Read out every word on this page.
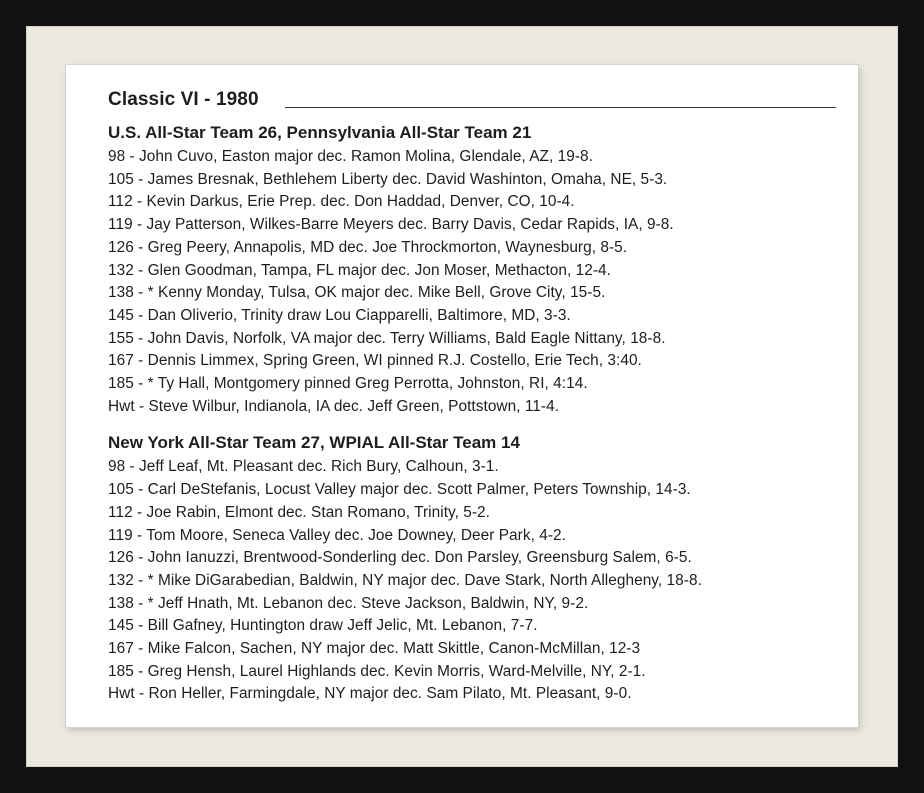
Classic VI - 1980
U.S. All-Star Team 26, Pennsylvania All-Star Team 21
98 - John Cuvo, Easton major dec. Ramon Molina, Glendale, AZ, 19-8.
105 - James Bresnak, Bethlehem Liberty dec. David Washinton, Omaha, NE, 5-3.
112 - Kevin Darkus, Erie Prep. dec. Don Haddad, Denver, CO, 10-4.
119 - Jay Patterson, Wilkes-Barre Meyers dec. Barry Davis, Cedar Rapids, IA, 9-8.
126 - Greg Peery, Annapolis, MD dec. Joe Throckmorton, Waynesburg, 8-5.
132 - Glen Goodman, Tampa, FL major dec. Jon Moser, Methacton, 12-4.
138 - * Kenny Monday, Tulsa, OK major dec. Mike Bell, Grove City, 15-5.
145 - Dan Oliverio, Trinity draw Lou Ciapparelli, Baltimore, MD, 3-3.
155 - John Davis, Norfolk, VA major dec. Terry Williams, Bald Eagle Nittany, 18-8.
167 - Dennis Limmex, Spring Green, WI pinned R.J. Costello, Erie Tech, 3:40.
185 - * Ty Hall, Montgomery pinned Greg Perrotta, Johnston, RI, 4:14.
Hwt - Steve Wilbur, Indianola, IA dec. Jeff Green, Pottstown, 11-4.
New York All-Star Team 27, WPIAL All-Star Team 14
98 - Jeff Leaf, Mt. Pleasant dec. Rich Bury, Calhoun, 3-1.
105 - Carl DeStefanis, Locust Valley major dec. Scott Palmer, Peters Township, 14-3.
112 - Joe Rabin, Elmont dec. Stan Romano, Trinity, 5-2.
119 - Tom Moore, Seneca Valley dec. Joe Downey, Deer Park, 4-2.
126 - John Ianuzzi, Brentwood-Sonderling dec. Don Parsley, Greensburg Salem, 6-5.
132 - * Mike DiGarabedian, Baldwin, NY major dec. Dave Stark, North Allegheny, 18-8.
138 - * Jeff Hnath, Mt. Lebanon dec. Steve Jackson, Baldwin, NY, 9-2.
145 - Bill Gafney, Huntington draw Jeff Jelic, Mt. Lebanon, 7-7.
167 - Mike Falcon, Sachen, NY major dec. Matt Skittle, Canon-McMillan, 12-3
185 - Greg Hensh, Laurel Highlands dec. Kevin Morris, Ward-Melville, NY, 2-1.
Hwt - Ron Heller, Farmingdale, NY major dec. Sam Pilato, Mt. Pleasant, 9-0.
